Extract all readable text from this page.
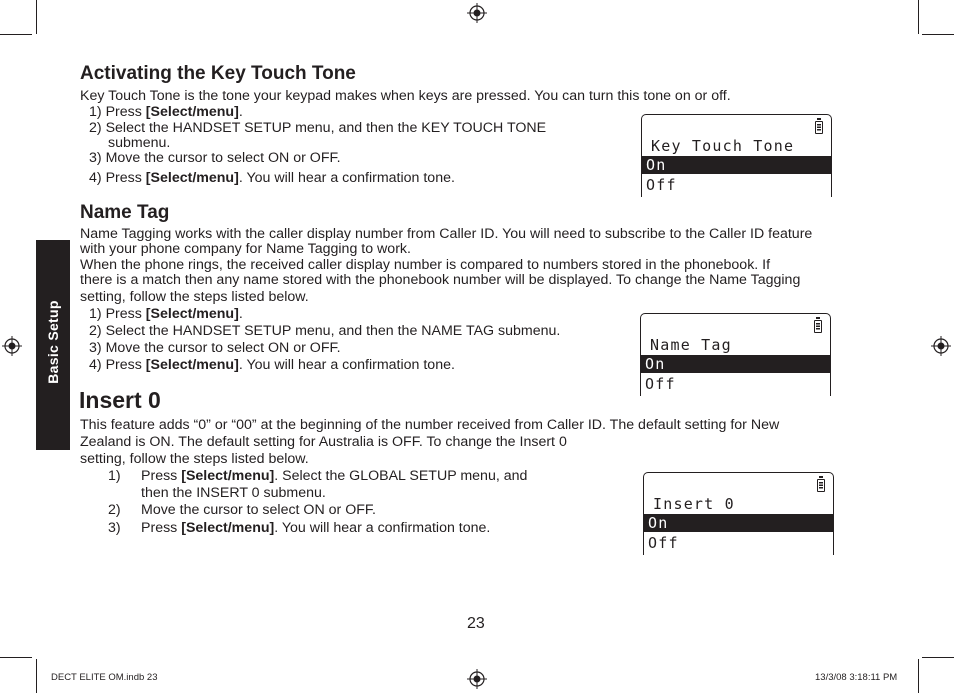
Basic Setup
Activating the Key Touch Tone
Key Touch Tone is the tone your keypad makes when keys are pressed. You can turn this tone on or off.
1) Press [Select/menu].
2) Select the HANDSET SETUP menu, and then the KEY TOUCH TONE
submenu.
3) Move the cursor to select ON or OFF.
4) Press [Select/menu]. You will hear a confirmation tone.
Key Touch Tone
On
Off
Name Tag
Name Tagging works with the caller display number from Caller ID. You will need to subscribe to the Caller ID feature
with your phone company for Name Tagging to work.
When the phone rings, the received caller display number is compared to numbers stored in the phonebook. If
there is a match then any name stored with the phonebook number will be displayed. To change the Name Tagging
setting, follow the steps listed below.
1) Press [Select/menu].
2) Select the HANDSET SETUP menu, and then the NAME TAG submenu.
3) Move the cursor to select ON or OFF.
4) Press [Select/menu]. You will hear a confirmation tone.
Name Tag
On
Off
Insert 0
This feature adds “0” or “00” at the beginning of the number received from Caller ID. The default setting for New
Zealand is ON. The default setting for Australia is OFF. To change the Insert 0
setting, follow the steps listed below.
1) Press [Select/menu]. Select the GLOBAL SETUP menu, and
then the INSERT 0 submenu.
2) Move the cursor to select ON or OFF.
3) Press [Select/menu]. You will hear a confirmation tone.
Insert 0
On
Off
23
DECT ELITE OM.indb 23	13/3/08 3:18:11 PM
